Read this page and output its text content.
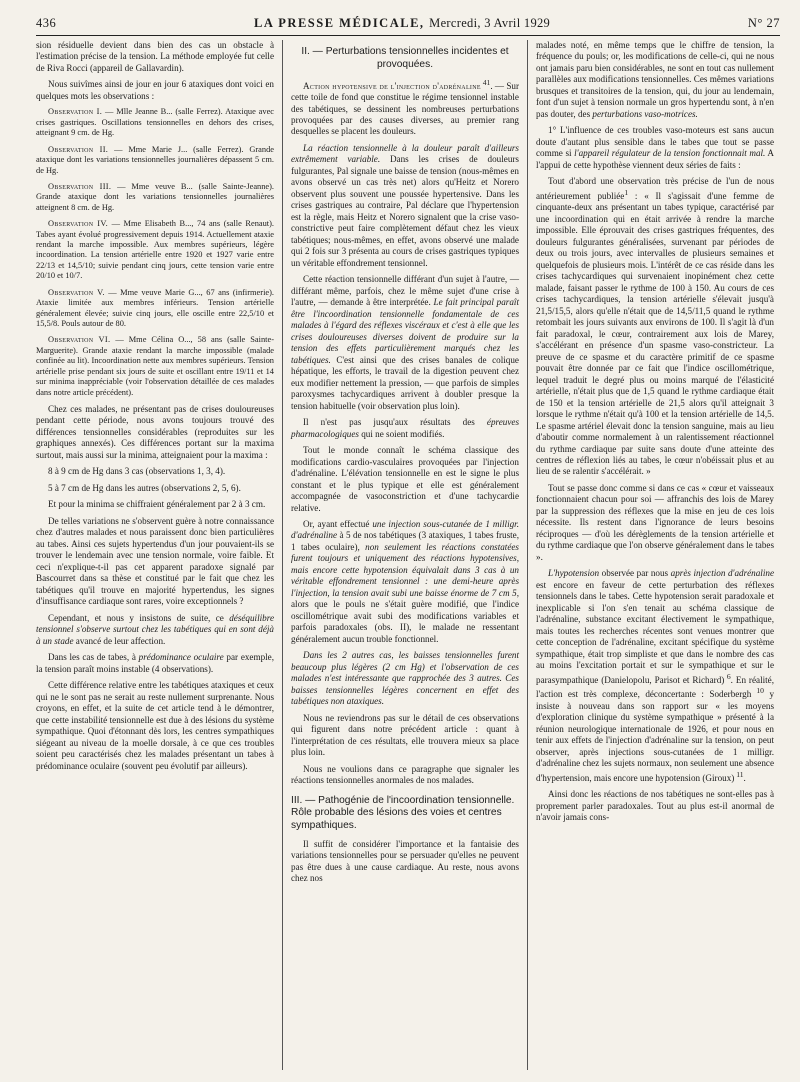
436	LA PRESSE MÉDICALE, Mercredi, 3 Avril 1929	N° 27

sion résiduelle devient dans bien des cas un obstacle à l'estimation précise de la tension. La méthode employée fut celle de Riva Rocci (appareil de Gallavardin).

Nous suivîmes ainsi de jour en jour 6 ataxiques dont voici en quelques mots les observations :

Observation I. — Mlle Jeanne B... (salle Ferrez). Ataxique avec crises gastriques. Oscillations tensionnelles en dehors des crises, atteignant 9 cm. de Hg.
Observation II. — Mme Marie J... (salle Ferrez). Grande ataxique dont les variations tensionnelles journalières dépassent 5 cm. de Hg.
Observation III. — Mme veuve B... (salle Sainte-Jeanne). Grande ataxique dont les variations tensionnelles journalières atteignent 8 cm. de Hg.
Observation IV. — Mme Elisabeth B..., 74 ans (salle Renaut). Tabes ayant évolué progressivement depuis 1914. Actuellement ataxie rendant la marche impossible. Aux membres supérieurs, légère incoordination. La tension artérielle entre 1920 et 1927 varie entre 22/13 et 14,5/10; suivie pendant cinq jours, cette tension varie entre 20/10 et 10/7.
Observation V. — Mme veuve Marie G..., 67 ans (infirmerie). Ataxie limitée aux membres inférieurs. Tension artérielle généralement élevée; suivie cinq jours, elle oscille entre 22,5/10 et 15,5/8. Pouls autour de 80.
Observation VI. — Mme Célina O..., 58 ans (salle Sainte-Marguerite). Grande ataxie rendant la marche impossible (malade confinée au lit). Incoordination nette aux membres supérieurs. Tension artérielle prise pendant six jours de suite et oscillant entre 19/11 et 14 sur minima inappréciable (voir l'observation détaillée de ces malades dans notre article précédent).

Chez ces malades, ne présentant pas de crises douloureuses pendant cette période, nous avons toujours trouvé des différences tensionnelles considérables (reproduites sur les graphiques annexés). Ces différences portant sur la maxima surtout, mais aussi sur la minima, atteignaient pour la maxima :

8 à 9 cm de Hg dans 3 cas (observations 1, 3, 4).

5 à 7 cm de Hg dans les autres (observations 2, 5, 6).

Et pour la minima se chiffraient généralement par 2 à 3 cm.

De telles variations ne s'observent guère à notre connaissance chez d'autres malades et nous paraissent donc bien particulières au tabes. Ainsi ces sujets hypertendus d'un jour pouvaient-ils se trouver le lendemain avec une tension normale, voire faible. Et ceci n'explique-t-il pas cet apparent paradoxe signalé par Bascourret dans sa thèse et constitué par le fait que chez les tabétiques qu'il trouve en majorité hypertendus, les signes d'insuffisance cardiaque sont rares, voire exceptionnels ?

Cependant, et nous y insistons de suite, ce déséquilibre tensionnel s'observe surtout chez les tabétiques qui en sont déjà à un stade avancé de leur affection.

Dans les cas de tabes, à prédominance oculaire par exemple, la tension paraît moins instable (4 observations).

Cette différence relative entre les tabétiques ataxiques et ceux qui ne le sont pas ne serait au reste nullement surprenante. Nous croyons, en effet, et la suite de cet article tend à le démontrer, que cette instabilité tensionnelle est due à des lésions du système sympathique. Quoi d'étonnant dès lors, les centres sympathiques siégeant au niveau de la moelle dorsale, à ce que ces troubles soient peu caractérisés chez les malades présentant un tabes à prédominance oculaire (souvent peu évolutif par ailleurs).

II. — Perturbations tensionnelles incidentes et provoquées.

Action hypotensive de l'injection d'adrénaline $^{41}$. — Sur cette toile de fond que constitue le régime tensionnel instable des tabétiques, se dessinent les nombreuses perturbations provoquées par des causes diverses, au premier rang desquelles se placent les douleurs.

La réaction tensionnelle à la douleur paraît d'ailleurs extrêmement variable. Dans les crises de douleurs fulgurantes, Pal signale une baisse de tension (nous-mêmes en avons observé un cas très net) alors qu'Heitz et Norero observent plus souvent une poussée hypertensive. Dans les crises gastriques au contraire, Pal déclare que l'hypertension est la règle, mais Heitz et Norero signalent que la crise vaso-constrictive peut faire complètement défaut chez les vieux tabétiques; nous-mêmes, en effet, avons observé une malade qui 2 fois sur 3 présenta au cours de crises gastriques typiques un véritable effondrement tensionnel.

Cette réaction tensionnelle différant d'un sujet à l'autre, — différant même, parfois, chez le même sujet d'une crise à l'autre, — demande à être interprétée. Le fait principal paraît être l'incoordination tensionnelle fondamentale de ces malades à l'égard des réflexes viscéraux et c'est à elle que les crises douloureuses diverses doivent de produire sur la tension des effets particulièrement marqués chez les tabétiques. C'est ainsi que des crises banales de colique hépatique, les efforts, le travail de la digestion peuvent chez eux modifier nettement la pression, — que parfois de simples paroxysmes tachycardiques arrivent à doubler presque la tension habituelle (voir observation plus loin).

Il n'est pas jusqu'aux résultats des épreuves pharmacologiques qui ne soient modifiés.

Tout le monde connaît le schéma classique des modifications cardio-vasculaires provoquées par l'injection d'adrénaline. L'élévation tensionnelle en est le signe le plus constant et le plus typique et elle est généralement accompagnée de vasoconstriction et d'une tachycardie relative.

Or, ayant effectué une injection sous-cutanée de 1 milligr. d'adrénaline à 5 de nos tabétiques (3 ataxiques, 1 tabes fruste, 1 tabes oculaire), non seulement les réactions constatées furent toujours et uniquement des réactions hypotensives, mais encore cette hypotension équivalait dans 3 cas à un véritable effondrement tensionnel : une demi-heure après l'injection, la tension avait subi une baisse énorme de 7 cm 5, alors que le pouls ne s'était guère modifié, que l'indice oscillométrique avait subi des modifications variables et parfois paradoxales (obs. II), le malade ne ressentant généralement aucun trouble fonctionnel.

Dans les 2 autres cas, les baisses tensionnelles furent beaucoup plus légères (2 cm Hg) et l'observation de ces malades n'est intéressante que rapprochée des 3 autres. Ces baisses tensionnelles légères concernent en effet des tabétiques non ataxiques.

Nous ne reviendrons pas sur le détail de ces observations qui figurent dans notre précédent article : quant à l'interprétation de ces résultats, elle trouvera mieux sa place plus loin.

Nous ne voulions dans ce paragraphe que signaler les réactions tensionnelles anormales de nos malades.

III. — Pathogénie de l'incoordination tensionnelle. Rôle probable des lésions des voies et centres sympathiques.

Il suffit de considérer l'importance et la fantaisie des variations tensionnelles pour se persuader qu'elles ne peuvent pas être dues à une cause cardiaque. Au reste, nous avons chez nos

malades noté, en même temps que le chiffre de tension, la fréquence du pouls; or, les modifications de celle-ci, qui ne nous ont jamais paru bien considérables, ne sont en tout cas nullement parallèles aux modifications tensionnelles. Ces mêmes variations brusques et transitoires de la tension, qui, du jour au lendemain, font d'un sujet à tension normale un gros hypertendu sont, à n'en pas douter, des perturbations vaso-motrices.

1° L'influence de ces troubles vaso-moteurs est sans aucun doute d'autant plus sensible dans le tabes que tout se passe comme si l'appareil régulateur de la tension fonctionnait mal. A l'appui de cette hypothèse viennent deux séries de faits :

Tout d'abord une observation très précise de l'un de nous antérieurement publiée$^1$ : « Il s'agissait d'une femme de cinquante-deux ans présentant un tabes typique, caractérisé par une incoordination qui en était arrivée à rendre la marche impossible. Elle éprouvait des crises gastriques fréquentes, des douleurs fulgurantes généralisées, survenant par périodes de deux ou trois jours, avec intervalles de plusieurs semaines et quelquefois de plusieurs mois. L'intérêt de ce cas réside dans les crises tachycardiques qui survenaient inopinément chez cette malade, faisant passer le rythme de 100 à 150. Au cours de ces crises tachycardiques, la tension artérielle s'élevait jusqu'à 21,5/15,5, alors qu'elle n'était que de 14,5/11,5 quand le rythme retombait les jours suivants aux environs de 100. Il s'agit là d'un fait paradoxal, le cœur, contrairement aux lois de Marey, s'accélérant en présence d'un spasme vaso-constricteur. La preuve de ce spasme et du caractère primitif de ce spasme pouvait être donnée par ce fait que l'indice oscillométrique, lequel traduit le degré plus ou moins marqué de l'élasticité artérielle, n'était plus que de 1,5 quand le rythme cardiaque était de 150 et la tension artérielle de 21,5 alors qu'il atteignait 3 lorsque le rythme n'était qu'à 100 et la tension artérielle de 14,5. Le spasme artériel élevait donc la tension sanguine, mais au lieu d'aboutir comme normalement à un ralentissement réactionnel du rythme cardiaque par suite sans doute d'une atteinte des centres de réflexion liés au tabes, le cœur n'obéissait plus et au lieu de se ralentir s'accélérait. »

Tout se passe donc comme si dans ce cas « cœur et vaisseaux fonctionnaient chacun pour soi — affranchis des lois de Marey par la suppression des réflexes que la mise en jeu de ces lois nécessite. Ils restent dans l'ignorance de leurs besoins réciproques — d'où les dérèglements de la tension artérielle et du rythme cardiaque que l'on observe généralement dans le tabes ».

L'hypotension observée par nous après injection d'adrénaline est encore en faveur de cette perturbation des réflexes tensionnels dans le tabes. Cette hypotension serait paradoxale et inexplicable si l'on s'en tenait au schéma classique de l'adrénaline, substance excitant électivement le sympathique, mais toutes les recherches récentes sont venues montrer que cette conception de l'adrénaline, excitant spécifique du système sympathique, était trop simpliste et que dans le nombre des cas au moins l'excitation portait et sur le sympathique et sur le parasympathique (Danielopolu, Parisot et Richard) $^6$. En réalité, l'action est très complexe, déconcertante : Soderbergh $^{10}$ y insiste à nouveau dans son rapport sur « les moyens d'exploration clinique du système sympathique » présenté à la réunion neurologique internationale de 1926, et pour nous en tenir aux effets de l'injection d'adrénaline sur la tension, on peut observer, après injections sous-cutanées de 1 milligr. d'adrénaline chez les sujets normaux, non seulement une absence d'hypertension, mais encore une hypotension (Giroux) $^{11}$.

Ainsi donc les réactions de nos tabétiques ne sont-elles pas à proprement parler paradoxales. Tout au plus est-il anormal de n'avoir jamais cons-
